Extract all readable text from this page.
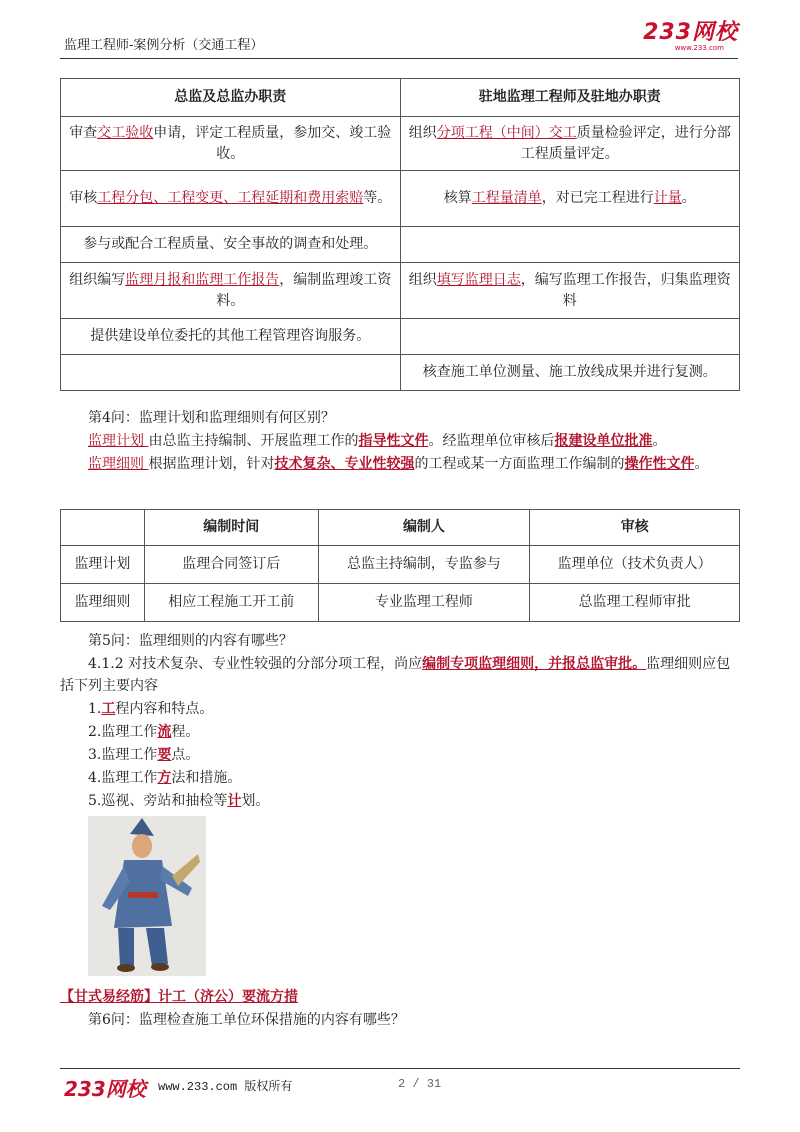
监理工程师-案例分析（交通工程）
233网校
www.233.com
总监及总监办职责	驻地监理工程师及驻地办职责
审查交工验收申请，评定工程质量，参加交、竣工验收。	组织分项工程（中间）交工质量检验评定，进行分部工程质量评定。
审核工程分包、工程变更、工程延期和费用索赔等。	核算工程量清单，对已完工程进行计量。
参与或配合工程质量、安全事故的调查和处理。	
组织编写监理月报和监理工作报告，编制监理竣工资料。	组织填写监理日志，编写监理工作报告，归集监理资料
提供建设单位委托的其他工程管理咨询服务。	
	核查施工单位测量、施工放线成果并进行复测。
第4问：监理计划和监理细则有何区别？
监理计划 由总监主持编制、开展监理工作的指导性文件。经监理单位审核后报建设单位批准。
监理细则 根据监理计划，针对技术复杂、专业性较强的工程或某一方面监理工作编制的操作性文件。
	编制时间	编制人	审核
监理计划	监理合同签订后	总监主持编制，专监参与	监理单位（技术负责人）
监理细则	相应工程施工开工前	专业监理工程师	总监理工程师审批
第5问：监理细则的内容有哪些？
4.1.2 对技术复杂、专业性较强的分部分项工程，尚应编制专项监理细则，并报总监审批。监理细则应包括下列主要内容
1.工程内容和特点。
2.监理工作流程。
3.监理工作要点。
4.监理工作方法和措施。
5.巡视、旁站和抽检等计划。
【甘式易经筋】计工（济公）要流方措
第6问：监理检查施工单位环保措施的内容有哪些？
233网校 www.233.com 版权所有	2 / 31
